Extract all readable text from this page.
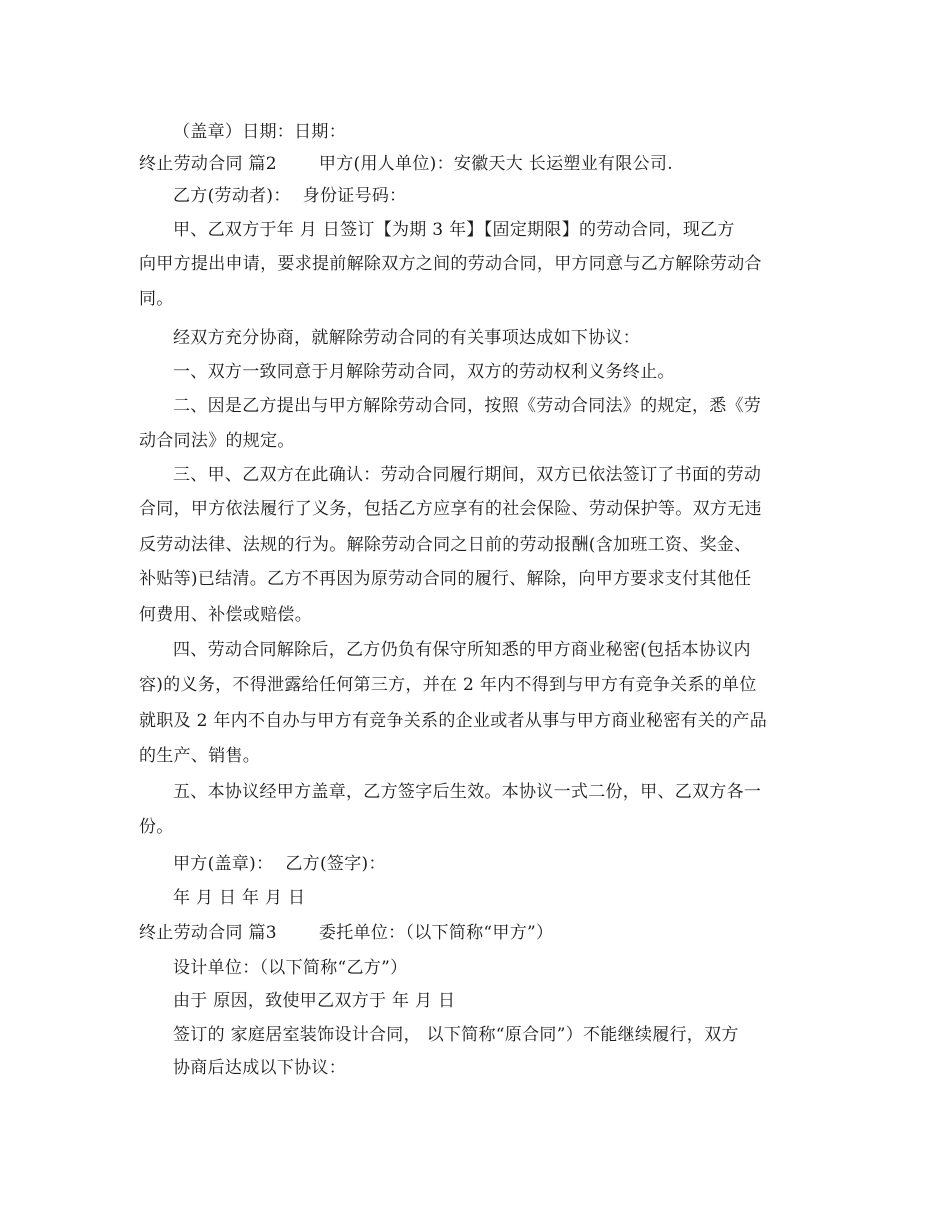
（盖章）日期：日期：
终止劳动合同 篇2 甲方(用人单位)：安徽天大 长运塑业有限公司.
乙方(劳动者)： 身份证号码：
甲、乙双方于年 月 日签订【为期 3 年】【固定期限】的劳动合同，现乙方
向甲方提出申请，要求提前解除双方之间的劳动合同，甲方同意与乙方解除劳动合
同。
经双方充分协商，就解除劳动合同的有关事项达成如下协议：
一、双方一致同意于月解除劳动合同，双方的劳动权利义务终止。
二、因是乙方提出与甲方解除劳动合同，按照《劳动合同法》的规定，悉《劳
动合同法》的规定。
三、甲、乙双方在此确认：劳动合同履行期间，双方已依法签订了书面的劳动
合同，甲方依法履行了义务，包括乙方应享有的社会保险、劳动保护等。双方无违
反劳动法律、法规的行为。解除劳动合同之日前的劳动报酬(含加班工资、奖金、
补贴等)已结清。乙方不再因为原劳动合同的履行、解除，向甲方要求支付其他任
何费用、补偿或赔偿。
四、劳动合同解除后，乙方仍负有保守所知悉的甲方商业秘密(包括本协议内
容)的义务，不得泄露给任何第三方，并在 2 年内不得到与甲方有竞争关系的单位
就职及 2 年内不自办与甲方有竞争关系的企业或者从事与甲方商业秘密有关的产品
的生产、销售。
五、本协议经甲方盖章，乙方签字后生效。本协议一式二份，甲、乙双方各一
份。
甲方(盖章)： 乙方(签字)：
年 月 日 年 月 日
终止劳动合同 篇3 委托单位：（以下简称“甲方”）
设计单位：（以下简称“乙方”）
由于 原因，致使甲乙双方于 年 月 日
签订的 家庭居室装饰设计合同， 以下简称“原合同”）不能继续履行，双方
协商后达成以下协议：
